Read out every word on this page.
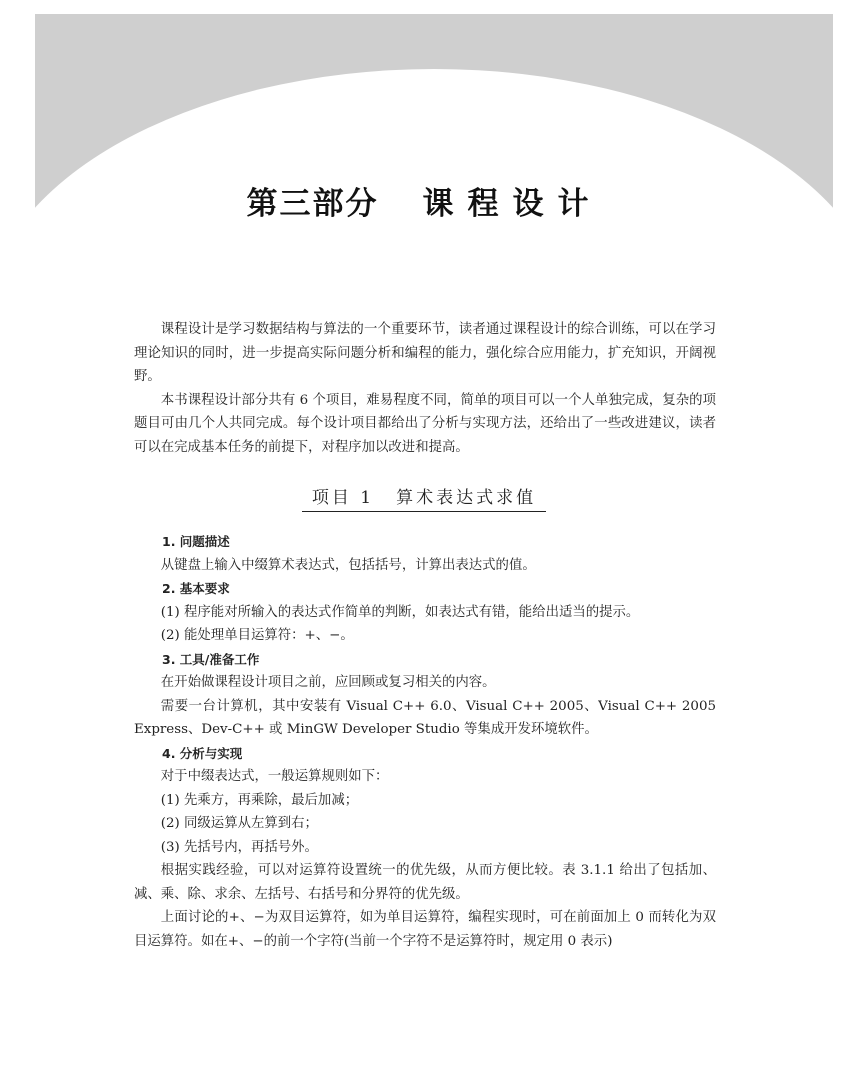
第三部分 课程设计

课程设计是学习数据结构与算法的一个重要环节，读者通过课程设计的综合训练，可以在学习理论知识的同时，进一步提高实际问题分析和编程的能力，强化综合应用能力，扩充知识，开阔视野。

本书课程设计部分共有 6 个项目，难易程度不同，简单的项目可以一个人单独完成，复杂的项题目可由几个人共同完成。每个设计项目都给出了分析与实现方法，还给出了一些改进建议，读者可以在完成基本任务的前提下，对程序加以改进和提高。

项目 1 算术表达式求值
1. 问题描述

从键盘上输入中缀算术表达式，包括括号，计算出表达式的值。

2. 基本要求

(1) 程序能对所输入的表达式作简单的判断，如表达式有错，能给出适当的提示。

(2) 能处理单目运算符：+、−。

3. 工具/准备工作

在开始做课程设计项目之前，应回顾或复习相关的内容。

需要一台计算机，其中安装有 Visual C++ 6.0、Visual C++ 2005、Visual C++ 2005 Express、Dev-C++ 或 MinGW Developer Studio 等集成开发环境软件。

4. 分析与实现

对于中缀表达式，一般运算规则如下：

(1) 先乘方，再乘除，最后加减；

(2) 同级运算从左算到右；

(3) 先括号内，再括号外。

根据实践经验，可以对运算符设置统一的优先级，从而方便比较。表 3.1.1 给出了包括加、减、乘、除、求余、左括号、右括号和分界符的优先级。

上面讨论的+、−为双目运算符，如为单目运算符，编程实现时，可在前面加上 0 而转化为双目运算符。如在+、−的前一个字符(当前一个字符不是运算符时，规定用 0 表示)
